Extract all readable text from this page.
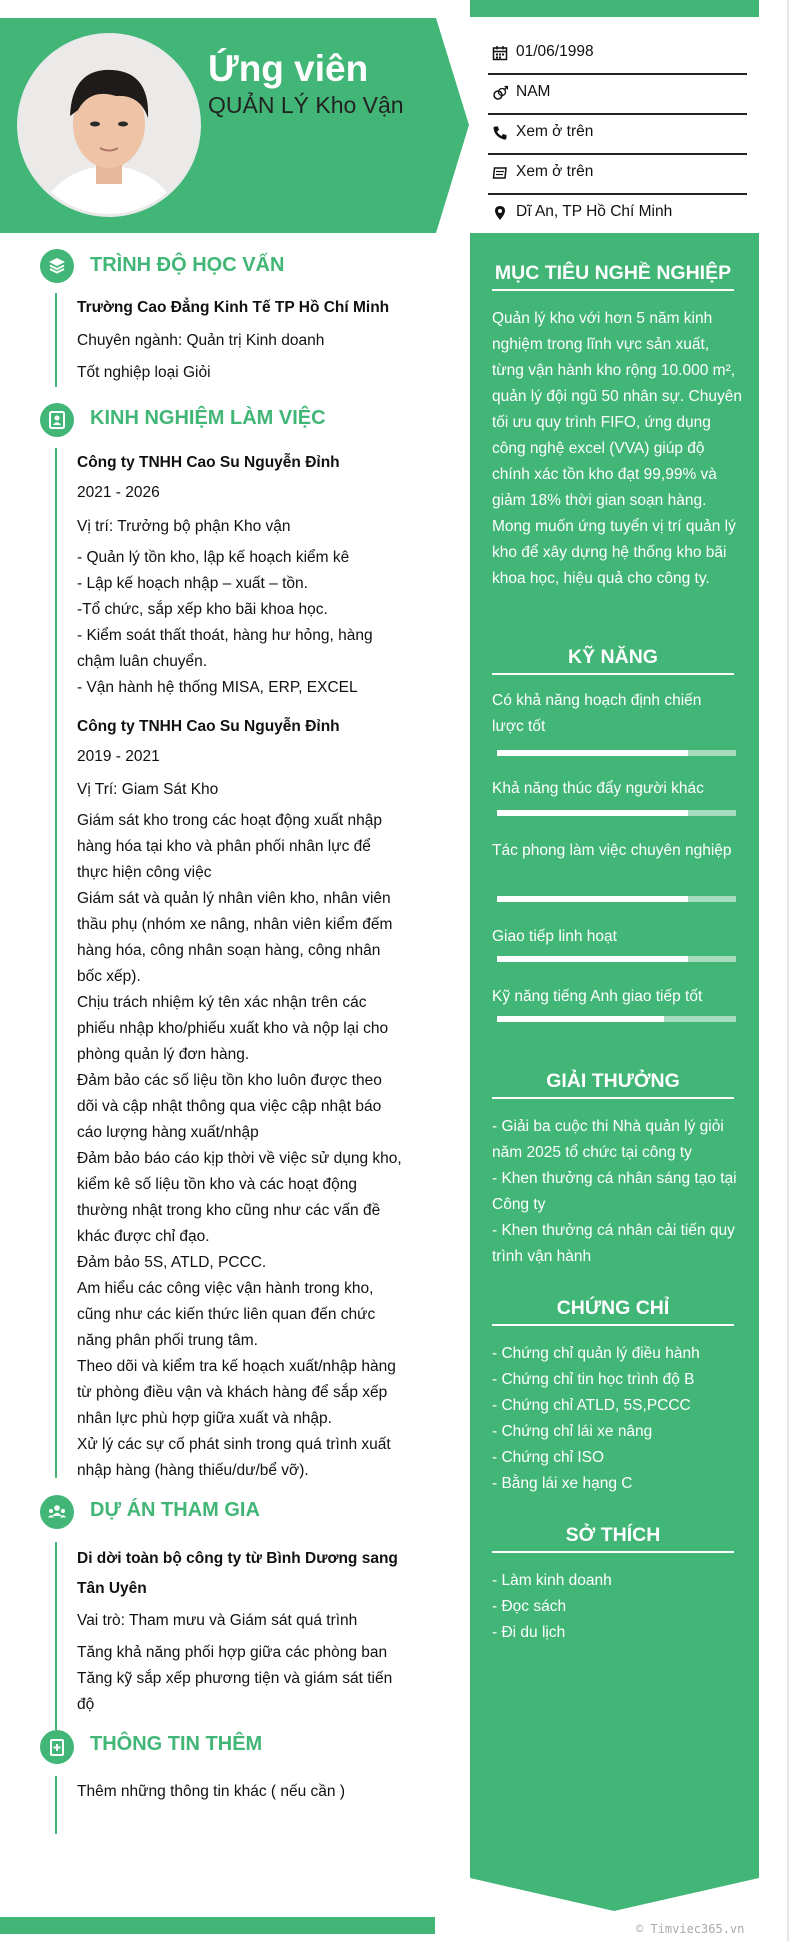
Ứng viên
QUẢN LÝ Kho Vận
01/06/1998
NAM
Xem ở trên
Xem ở trên
Dĩ An, TP Hồ Chí Minh
TRÌNH ĐỘ HỌC VẤN
Trường Cao Đẳng Kinh Tế TP Hồ Chí Minh
Chuyên ngành: Quản trị Kinh doanh
Tốt nghiệp loại Giỏi
KINH NGHIỆM LÀM VIỆC
Công ty TNHH Cao Su Nguyễn Đỉnh
2021 - 2026
Vị trí: Trưởng bộ phận Kho vận
- Quản lý tồn kho, lập kế hoạch kiểm kê
- Lập kế hoạch nhập – xuất – tồn.
-Tổ chức, sắp xếp kho bãi khoa học.
- Kiểm soát thất thoát, hàng hư hỏng, hàng chậm luân chuyển.
- Vận hành hệ thống MISA, ERP, EXCEL
Công ty TNHH Cao Su Nguyễn Đỉnh
2019 - 2021
Vị Trí: Giam Sát Kho
Giám sát kho trong các hoạt động xuất nhập hàng hóa tại kho và phân phối nhân lực để thực hiện công việc
Giám sát và quản lý nhân viên kho, nhân viên thầu phụ (nhóm xe nâng, nhân viên kiểm đếm hàng hóa, công nhân soạn hàng, công nhân bốc xếp).
Chịu trách nhiệm ký tên xác nhận trên các phiếu nhập kho/phiếu xuất kho và nộp lại cho phòng quản lý đơn hàng.
Đảm bảo các số liệu tồn kho luôn được theo dõi và cập nhật thông qua việc cập nhật báo cáo lượng hàng xuất/nhập
Đảm bảo báo cáo kịp thời về việc sử dụng kho, kiểm kê số liệu tồn kho và các hoạt động thường nhật trong kho cũng như các vấn đề khác được chỉ đạo.
Đảm bảo 5S, ATLD, PCCC.
Am hiểu các công việc vận hành trong kho, cũng như các kiến thức liên quan đến chức năng phân phối trung tâm.
Theo dõi và kiểm tra kế hoạch xuất/nhập hàng từ phòng điều vận và khách hàng để sắp xếp nhân lực phù hợp giữa xuất và nhập.
Xử lý các sự cố phát sinh trong quá trình xuất nhập hàng (hàng thiếu/dư/bể vỡ).
DỰ ÁN THAM GIA
Di dời toàn bộ công ty từ Bình Dương sang Tân Uyên
Vai trò: Tham mưu và Giám sát quá trình
Tăng khả năng phối hợp giữa các phòng ban
Tăng kỹ sắp xếp phương tiện và giám sát tiến độ
THÔNG TIN THÊM
Thêm những thông tin khác ( nếu cần )
MỤC TIÊU NGHỀ NGHIỆP

Quản lý kho với hơn 5 năm kinh nghiệm trong lĩnh vực sản xuất, từng vận hành kho rộng 10.000 m², quản lý đội ngũ 50 nhân sự. Chuyên tối ưu quy trình FIFO, ứng dụng công nghệ excel (VVA) giúp độ chính xác tồn kho đạt 99,99% và giảm 18% thời gian soạn hàng. Mong muốn ứng tuyển vị trí quản lý kho để xây dựng hệ thống kho bãi khoa học, hiệu quả cho công ty.

KỸ NĂNG
Có khả năng hoạch định chiến lược tốt
Khả năng thúc đẩy người khác
Tác phong làm việc chuyên nghiệp
Giao tiếp linh hoạt
Kỹ năng tiếng Anh giao tiếp tốt
GIẢI THƯỞNG
- Giải ba cuộc thi Nhà quản lý giỏi năm 2025 tổ chức tại công ty
- Khen thưởng cá nhân sáng tạo tại Công ty
- Khen thưởng cá nhân cải tiến quy trình vận hành
CHỨNG CHỈ
- Chứng chỉ quản lý điều hành
- Chứng chỉ tin học trình độ B
- Chứng chỉ ATLD, 5S,PCCC
- Chứng chỉ lái xe nâng
- Chứng chỉ ISO
- Bằng lái xe hạng C
SỞ THÍCH
- Làm kinh doanh
- Đọc sách
- Đi du lịch
© Timviec365.vn
